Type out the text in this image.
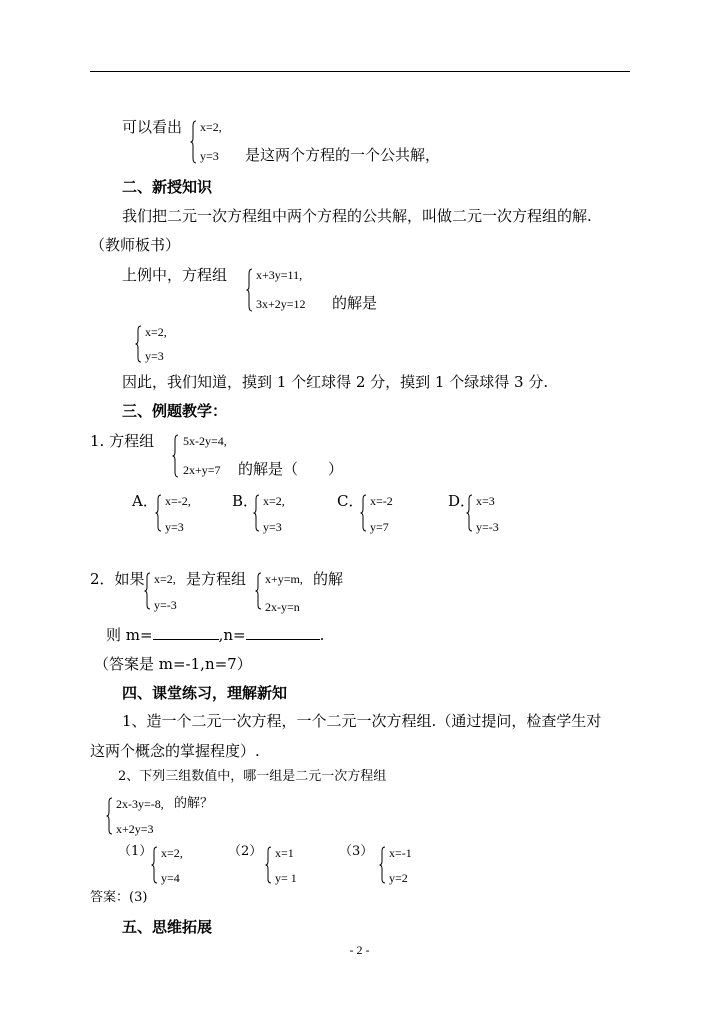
可以看出 x=2,
y=3 是这两个方程的一个公共解，
二、新授知识
我们把二元一次方程组中两个方程的公共解，叫做二元一次方程组的解.
（教师板书）
上例中，方程组 x+3y=11,
3x+2y=12 的解是
x=2,
y=3
因此，我们知道，摸到 1 个红球得 2 分，摸到 1 个绿球得 3 分.
三、例题教学：
1. 方程组 5x-2y=4,
2x+y=7 的解是（　　）
A． x=-2,
y=3
B． x=2,
y=3
C． x=-2
y=7
D． x=3
y=-3
2．如果 x=2,
y=-3
是方程组 x+y=m,
2x-y=n
的解
则 m=	,n=	.
（答案是 m=-1,n=7）
四、课堂练习，理解新知
1、造一个二元一次方程，一个二元一次方程组.（通过提问，检查学生对
这两个概念的掌握程度）.
2、下列三组数值中，哪一组是二元一次方程组
2x-3y=-8,
x+2y=3
的解？
（1） x=2,
y=4
（2） x=1
y= 1
（3） x=-1
y=2
答案：(3)
五、思维拓展
- 2 -
